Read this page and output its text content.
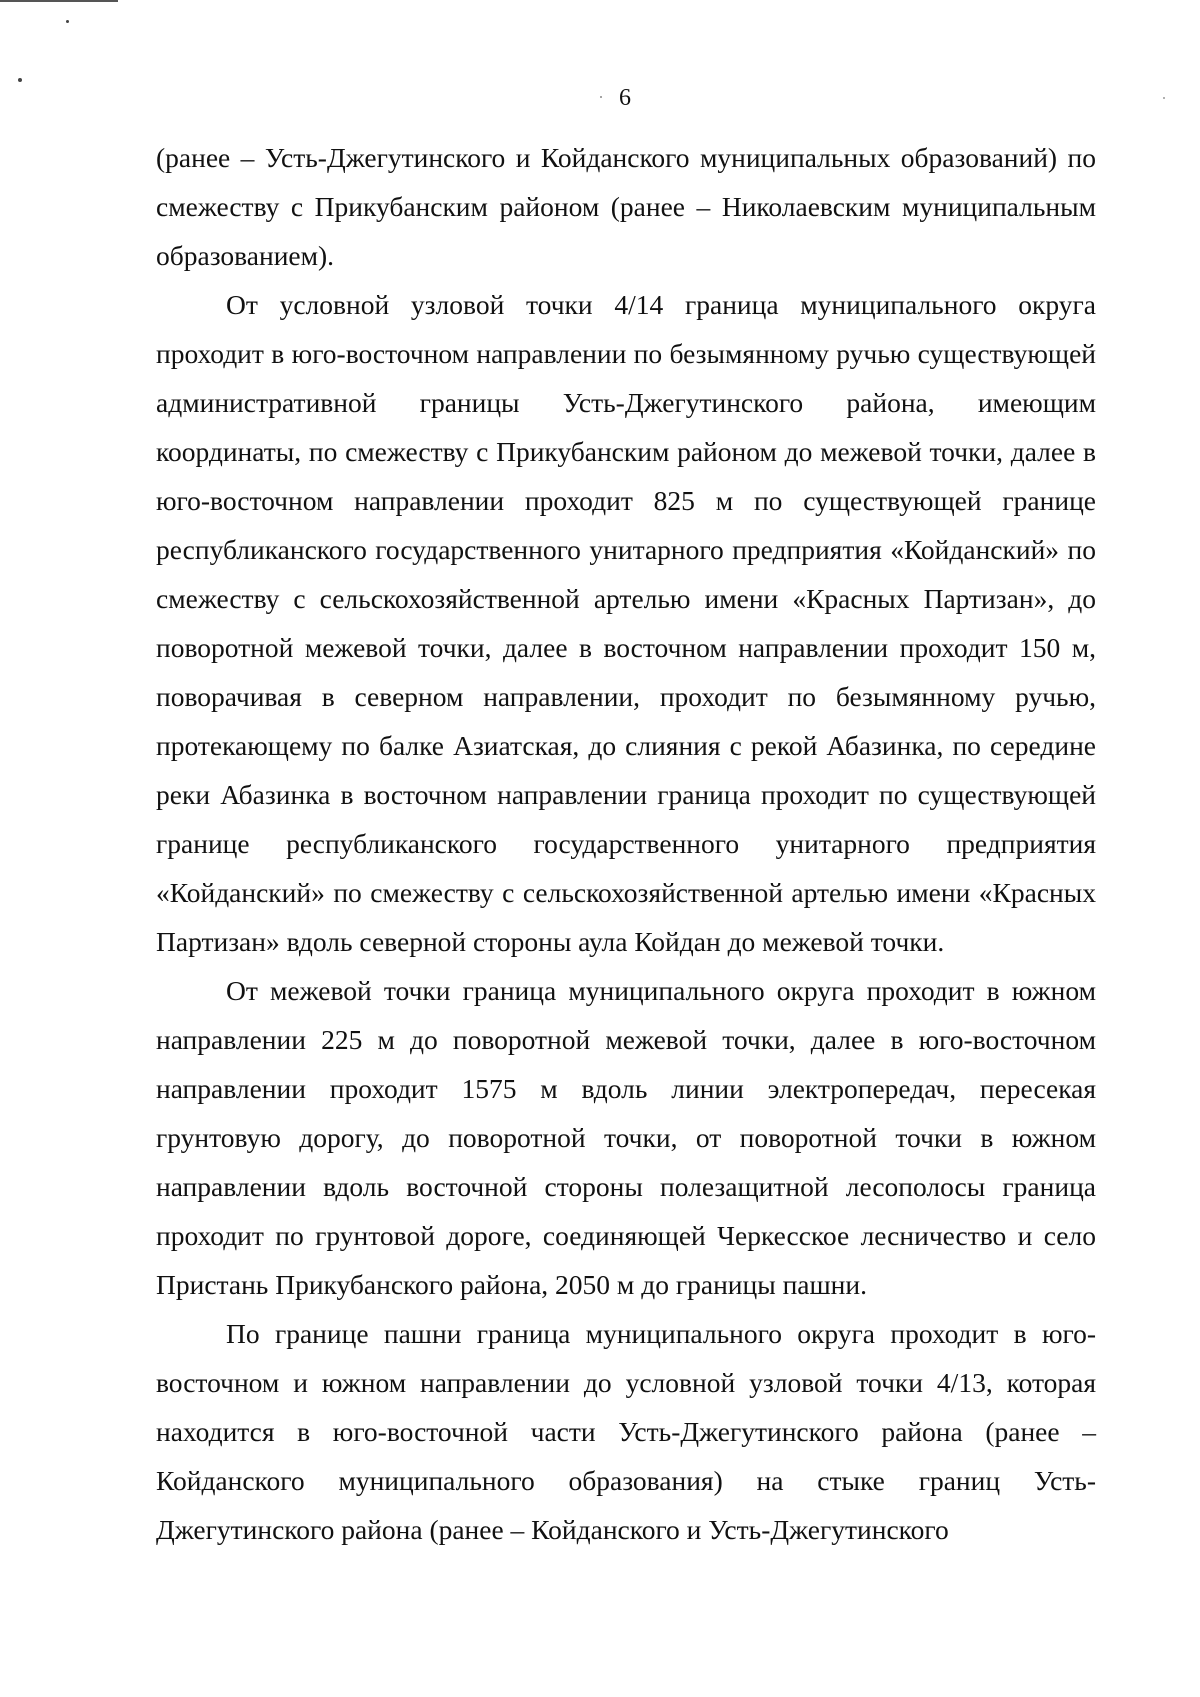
6

(ранее – Усть-Джегутинского и Койданского муниципальных образований) по смежеству с Прикубанским районом (ранее – Николаевским муниципальным образованием).

От условной узловой точки 4/14 граница муниципального округа проходит в юго-восточном направлении по безымянному ручью существующей административной границы Усть-Джегутинского района, имеющим координаты, по смежеству с Прикубанским районом до межевой точки, далее в юго-восточном направлении проходит 825 м по существующей границе республиканского государственного унитарного предприятия «Койданский» по смежеству с сельскохозяйственной артелью имени «Красных Партизан», до поворотной межевой точки, далее в восточном направлении проходит 150 м, поворачивая в северном направлении, проходит по безымянному ручью, протекающему по балке Азиатская, до слияния с рекой Абазинка, по середине реки Абазинка в восточном направлении граница проходит по существующей границе республиканского государственного унитарного предприятия «Койданский» по смежеству с сельскохозяйственной артелью имени «Красных Партизан» вдоль северной стороны аула Койдан до межевой точки.

От межевой точки граница муниципального округа проходит в южном направлении 225 м до поворотной межевой точки, далее в юго-восточном направлении проходит 1575 м вдоль линии электропередач, пересекая грунтовую дорогу, до поворотной точки, от поворотной точки в южном направлении вдоль восточной стороны полезащитной лесополосы граница проходит по грунтовой дороге, соединяющей Черкесское лесничество и село Пристань Прикубанского района, 2050 м до границы пашни.

По границе пашни граница муниципального округа проходит в юго-восточном и южном направлении до условной узловой точки 4/13, которая находится в юго-восточной части Усть-Джегутинского района (ранее – Койданского муниципального образования) на стыке границ Усть-Джегутинского района (ранее – Койданского и Усть-Джегутинского
